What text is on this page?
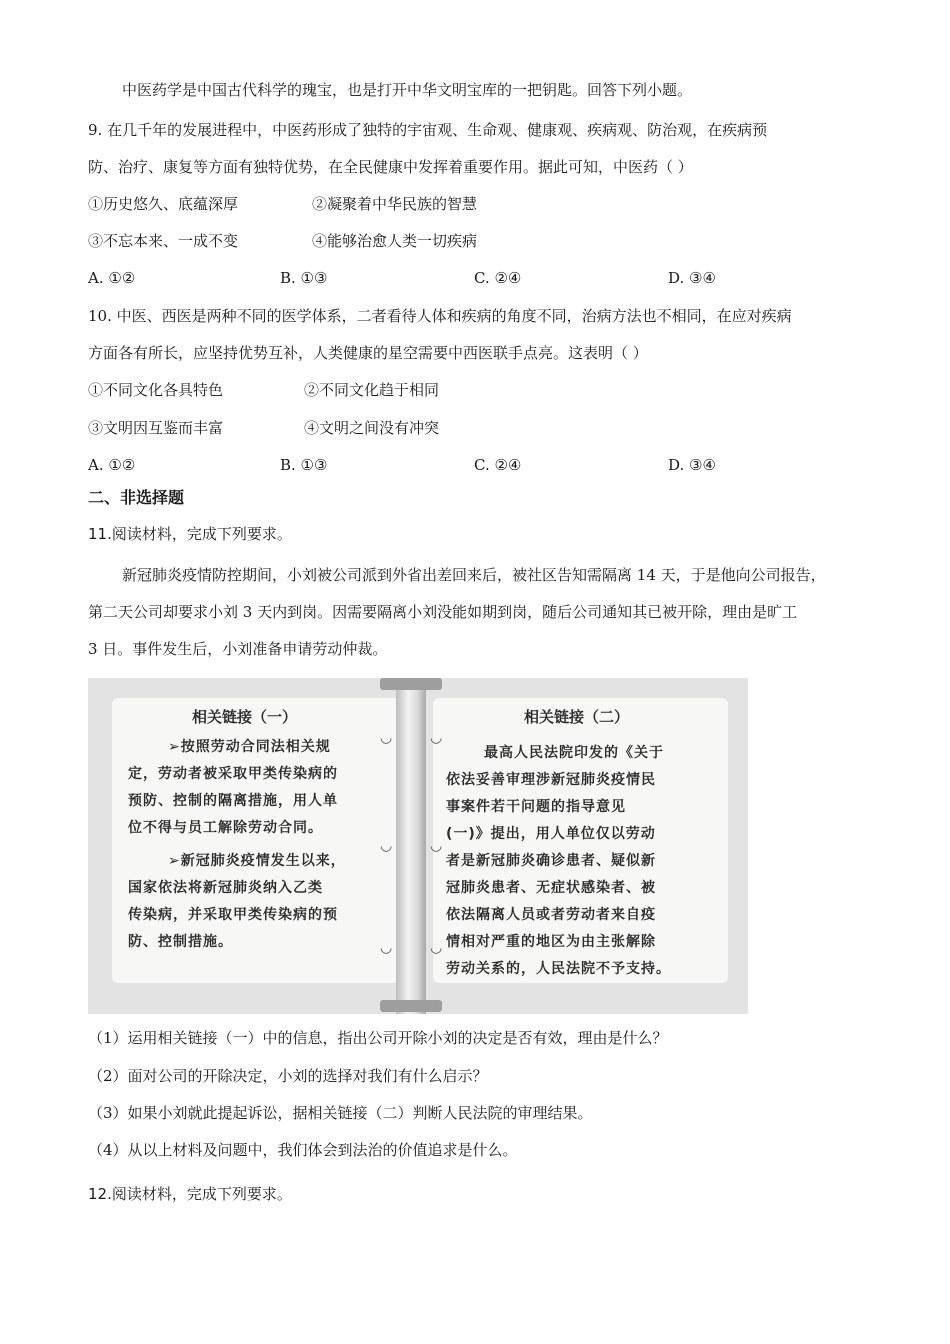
中医药学是中国古代科学的瑰宝，也是打开中华文明宝库的一把钥匙。回答下列小题。
9. 在几千年的发展进程中，中医药形成了独特的宇宙观、生命观、健康观、疾病观、防治观，在疾病预
防、治疗、康复等方面有独特优势，在全民健康中发挥着重要作用。据此可知，中医药（ ）
①历史悠久、底蕴深厚	②凝聚着中华民族的智慧
③不忘本来、一成不变	④能够治愈人类一切疾病
A. ①②	B. ①③	C. ②④	D. ③④
10. 中医、西医是两种不同的医学体系，二者看待人体和疾病的角度不同，治病方法也不相同，在应对疾病
方面各有所长，应坚持优势互补，人类健康的星空需要中西医联手点亮。这表明（ ）
①不同文化各具特色	②不同文化趋于相同
③文明因互鉴而丰富	④文明之间没有冲突
A. ①②	B. ①③	C. ②④	D. ③④
二、非选择题
11.阅读材料，完成下列要求。
新冠肺炎疫情防控期间，小刘被公司派到外省出差回来后，被社区告知需隔离 14 天，于是他向公司报告，
第二天公司却要求小刘 3 天内到岗。因需要隔离小刘没能如期到岗，随后公司通知其已被开除，理由是旷工
3 日。事件发生后，小刘准备申请劳动仲裁。
◡	◡
◡	◡
◡	◡
相关链接（一）
➢按照劳动合同法相关规
定，劳动者被采取甲类传染病的
预防、控制的隔离措施，用人单
位不得与员工解除劳动合同。
➢新冠肺炎疫情发生以来，
国家依法将新冠肺炎纳入乙类
传染病，并采取甲类传染病的预
防、控制措施。
相关链接（二）
最高人民法院印发的《关于
依法妥善审理涉新冠肺炎疫情民
事案件若干问题的指导意见
(一)》提出，用人单位仅以劳动
者是新冠肺炎确诊患者、疑似新
冠肺炎患者、无症状感染者、被
依法隔离人员或者劳动者来自疫
情相对严重的地区为由主张解除
劳动关系的，人民法院不予支持。
（1）运用相关链接（一）中的信息，指出公司开除小刘的决定是否有效，理由是什么？
（2）面对公司的开除决定，小刘的选择对我们有什么启示？
（3）如果小刘就此提起诉讼，据相关链接（二）判断人民法院的审理结果。
（4）从以上材料及问题中，我们体会到法治的价值追求是什么。
12.阅读材料，完成下列要求。
